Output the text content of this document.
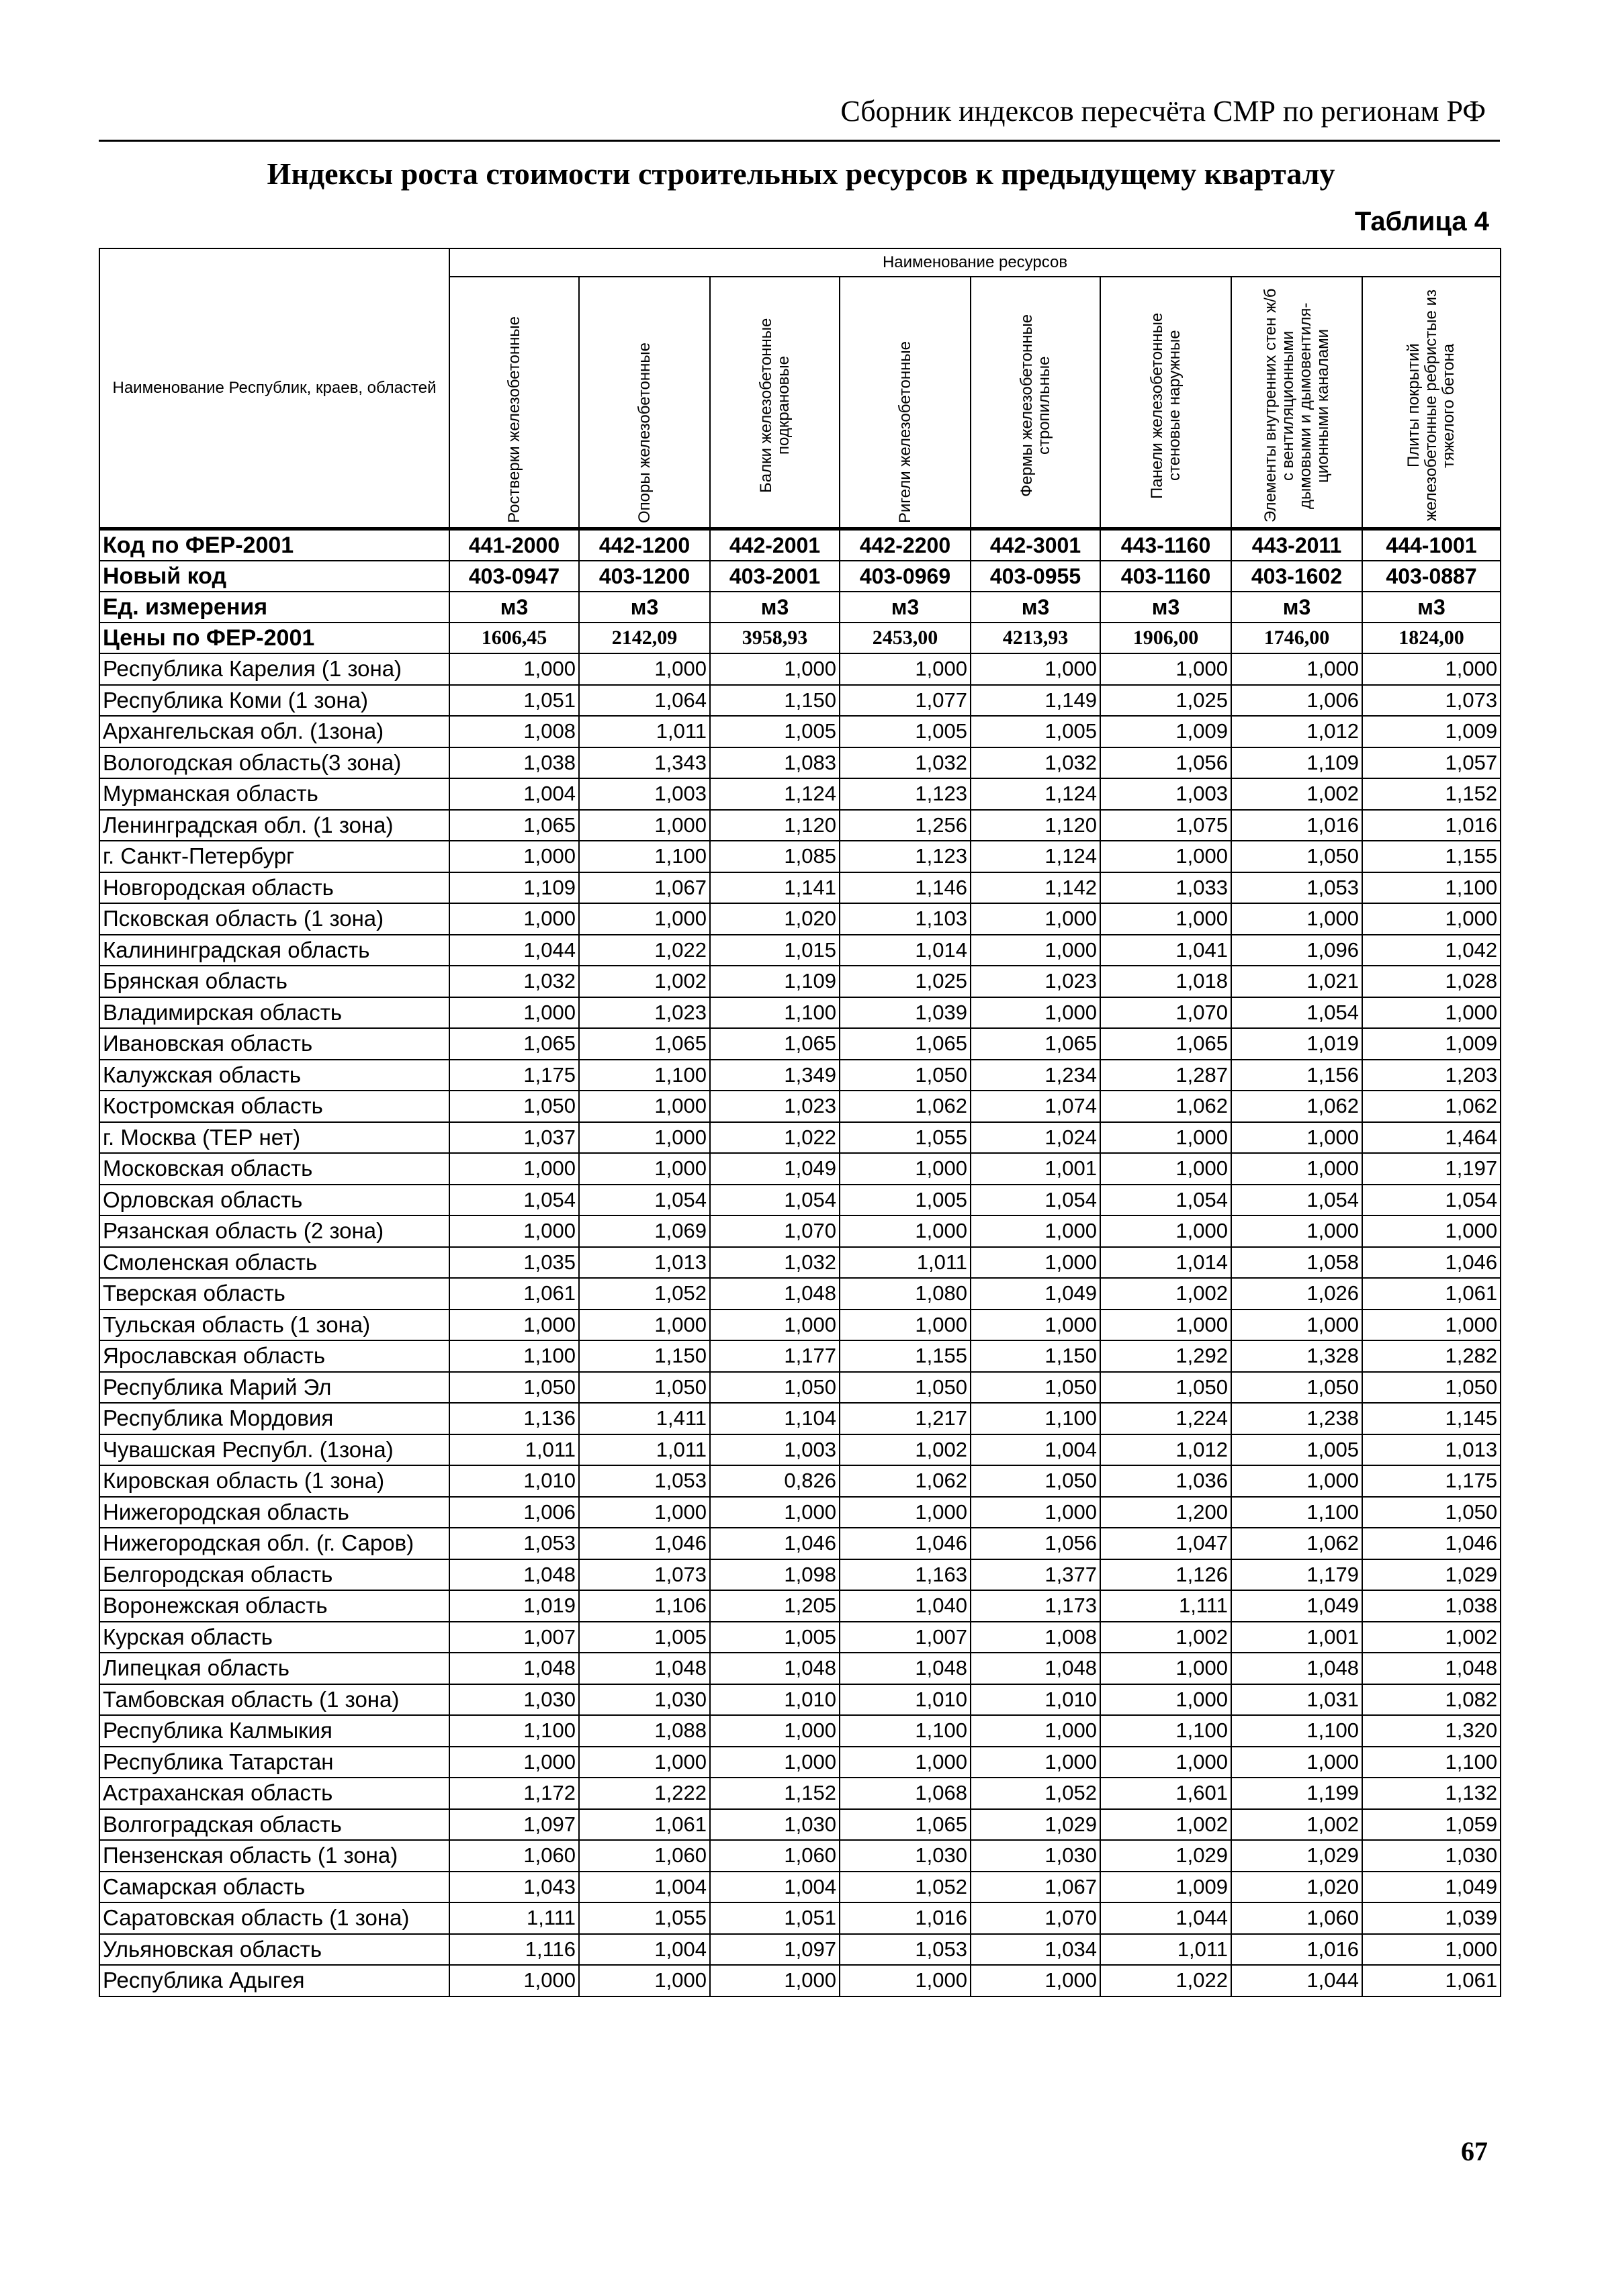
Сборник индексов пересчёта СМР по регионам РФ
Индексы роста стоимости строительных ресурсов к предыдущему кварталу
Таблица 4
Наименование Республик, краев, областей	Наименование ресурсов							

	Ростверки железобетонные	Опоры железобетонные	Балки железобетонные подкрановые	Ригели железобетонные	Фермы железобетонные стропильные	Панели железобетонные стеновые наружные	Элементы внутренних стен ж/б с вентиляционными дымовыми и дымовентиля-ционными каналами	Плиты покрытий железобетонные ребристые из тяжелого бетона

Код по ФЕР-2001	441-2000	442-1200	442-2001	442-2200	442-3001	443-1160	443-2011	444-1001
Новый код	403-0947	403-1200	403-2001	403-0969	403-0955	403-1160	403-1602	403-0887
Ед. измерения	м3	м3	м3	м3	м3	м3	м3	м3
Цены по ФЕР-2001	1606,45	2142,09	3958,93	2453,00	4213,93	1906,00	1746,00	1824,00
Республика Карелия (1 зона)	1,000	1,000	1,000	1,000	1,000	1,000	1,000	1,000
Республика Коми (1 зона)	1,051	1,064	1,150	1,077	1,149	1,025	1,006	1,073
Архангельская обл. (1зона)	1,008	1,011	1,005	1,005	1,005	1,009	1,012	1,009
Вологодская область(3 зона)	1,038	1,343	1,083	1,032	1,032	1,056	1,109	1,057
Мурманская область	1,004	1,003	1,124	1,123	1,124	1,003	1,002	1,152
Ленинградская обл. (1 зона)	1,065	1,000	1,120	1,256	1,120	1,075	1,016	1,016
г. Санкт-Петербург	1,000	1,100	1,085	1,123	1,124	1,000	1,050	1,155
Новгородская область	1,109	1,067	1,141	1,146	1,142	1,033	1,053	1,100
Псковская область (1 зона)	1,000	1,000	1,020	1,103	1,000	1,000	1,000	1,000
Калининградская область	1,044	1,022	1,015	1,014	1,000	1,041	1,096	1,042
Брянская область	1,032	1,002	1,109	1,025	1,023	1,018	1,021	1,028
Владимирская область	1,000	1,023	1,100	1,039	1,000	1,070	1,054	1,000
Ивановская область	1,065	1,065	1,065	1,065	1,065	1,065	1,019	1,009
Калужская область	1,175	1,100	1,349	1,050	1,234	1,287	1,156	1,203
Костромская область	1,050	1,000	1,023	1,062	1,074	1,062	1,062	1,062
г. Москва (ТЕР нет)	1,037	1,000	1,022	1,055	1,024	1,000	1,000	1,464
Московская область	1,000	1,000	1,049	1,000	1,001	1,000	1,000	1,197
Орловская область	1,054	1,054	1,054	1,005	1,054	1,054	1,054	1,054
Рязанская область (2 зона)	1,000	1,069	1,070	1,000	1,000	1,000	1,000	1,000
Смоленская область	1,035	1,013	1,032	1,011	1,000	1,014	1,058	1,046
Тверская область	1,061	1,052	1,048	1,080	1,049	1,002	1,026	1,061
Тульская область (1 зона)	1,000	1,000	1,000	1,000	1,000	1,000	1,000	1,000
Ярославская область	1,100	1,150	1,177	1,155	1,150	1,292	1,328	1,282
Республика Марий Эл	1,050	1,050	1,050	1,050	1,050	1,050	1,050	1,050
Республика Мордовия	1,136	1,411	1,104	1,217	1,100	1,224	1,238	1,145
Чувашская Республ. (1зона)	1,011	1,011	1,003	1,002	1,004	1,012	1,005	1,013
Кировская область (1 зона)	1,010	1,053	0,826	1,062	1,050	1,036	1,000	1,175
Нижегородская область	1,006	1,000	1,000	1,000	1,000	1,200	1,100	1,050
Нижегородская обл. (г. Саров)	1,053	1,046	1,046	1,046	1,056	1,047	1,062	1,046
Белгородская область	1,048	1,073	1,098	1,163	1,377	1,126	1,179	1,029
Воронежская область	1,019	1,106	1,205	1,040	1,173	1,111	1,049	1,038
Курская область	1,007	1,005	1,005	1,007	1,008	1,002	1,001	1,002
Липецкая область	1,048	1,048	1,048	1,048	1,048	1,000	1,048	1,048
Тамбовская область (1 зона)	1,030	1,030	1,010	1,010	1,010	1,000	1,031	1,082
Республика Калмыкия	1,100	1,088	1,000	1,100	1,000	1,100	1,100	1,320
Республика Татарстан	1,000	1,000	1,000	1,000	1,000	1,000	1,000	1,100
Астраханская область	1,172	1,222	1,152	1,068	1,052	1,601	1,199	1,132
Волгоградская область	1,097	1,061	1,030	1,065	1,029	1,002	1,002	1,059
Пензенская область (1 зона)	1,060	1,060	1,060	1,030	1,030	1,029	1,029	1,030
Самарская область	1,043	1,004	1,004	1,052	1,067	1,009	1,020	1,049
Саратовская область (1 зона)	1,111	1,055	1,051	1,016	1,070	1,044	1,060	1,039
Ульяновская область	1,116	1,004	1,097	1,053	1,034	1,011	1,016	1,000
Республика Адыгея	1,000	1,000	1,000	1,000	1,000	1,022	1,044	1,061
67
